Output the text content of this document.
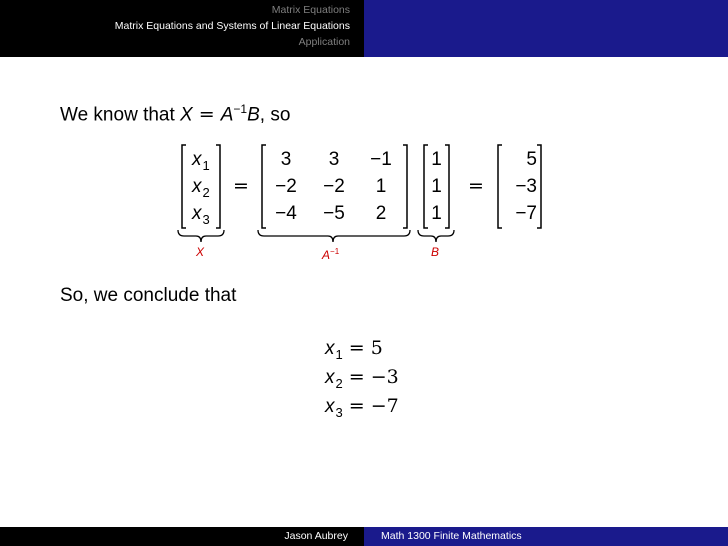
Matrix Equations
Matrix Equations and Systems of Linear Equations
Application
We know that $X = A^{-1}B$, so
$x_1$
$x_2$
$x_3$
=	=
3	3	−1
−2 −2	1
−4 −5	2
1
1
1
5
−3
−7
X	$A^{-1}$	B
So, we conclude that
$x_1 = 5$
$x_2 = -3$
$x_3 = -7$
Jason Aubrey	Math 1300 Finite Mathematics
